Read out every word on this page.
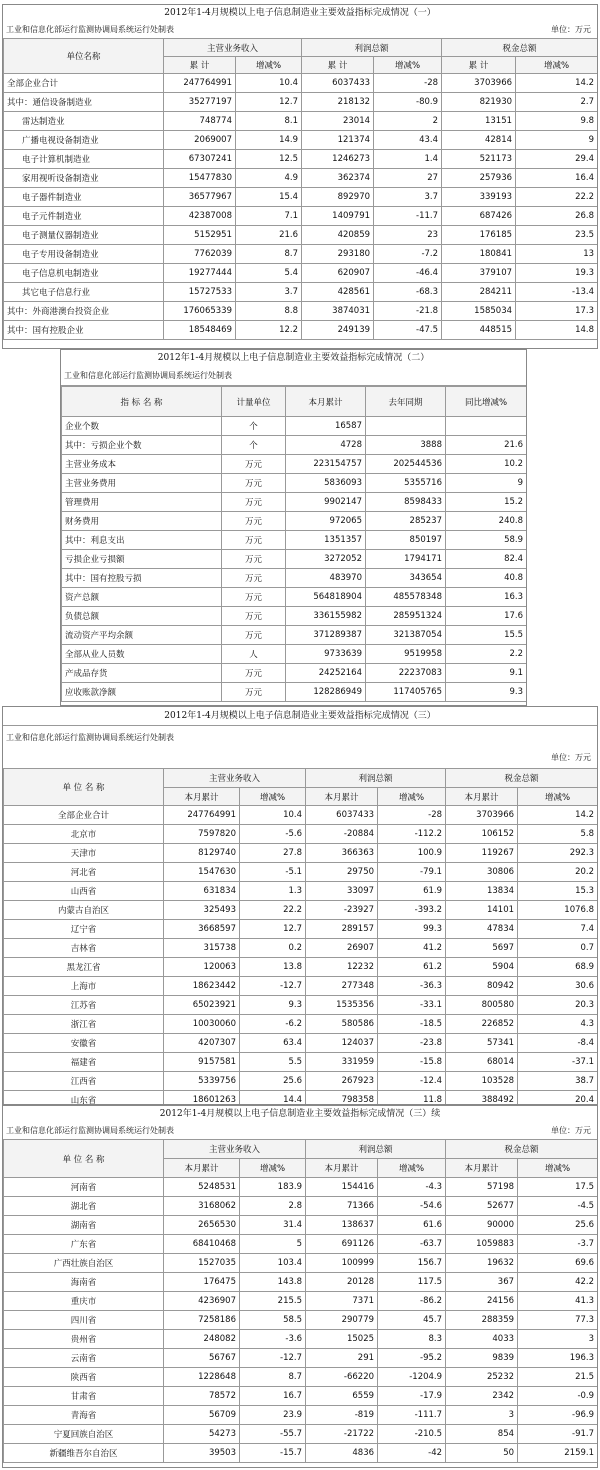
2012年1-4月规模以上电子信息制造业主要效益指标完成情况（一）
工业和信息化部运行监测协调局系统运行处制表	单位：万元
单位名称	主营业务收入		利润总额		税金总额	
	累 计	增减%	累 计	增减%	累 计	增减%
全部企业合计	247764991	10.4	6037433	-28	3703966	14.2
其中：通信设备制造业	35277197	12.7	218132	-80.9	821930	2.7
雷达制造业	748774	8.1	23014	2	13151	9.8
广播电视设备制造业	2069007	14.9	121374	43.4	42814	9
电子计算机制造业	67307241	12.5	1246273	1.4	521173	29.4
家用视听设备制造业	15477830	4.9	362374	27	257936	16.4
电子器件制造业	36577967	15.4	892970	3.7	339193	22.2
电子元件制造业	42387008	7.1	1409791	-11.7	687426	26.8
电子测量仪器制造业	5152951	21.6	420859	23	176185	23.5
电子专用设备制造业	7762039	8.7	293180	-7.2	180841	13
电子信息机电制造业	19277444	5.4	620907	-46.4	379107	19.3
其它电子信息行业	15727533	3.7	428561	-68.3	284211	-13.4
其中：外商港澳台投资企业	176065339	8.8	3874031	-21.8	1585034	17.3
其中：国有控股企业	18548469	12.2	249139	-47.5	448515	14.8
2012年1-4月规模以上电子信息制造业主要效益指标完成情况（二）
工业和信息化部运行监测协调局系统运行处制表
指 标 名 称	计量单位	本月累计	去年同期	同比增减%
企业个数	个	16587		
其中：亏损企业个数	个	4728	3888	21.6
主营业务成本	万元	223154757	202544536	10.2
主营业务费用	万元	5836093	5355716	9
管理费用	万元	9902147	8598433	15.2
财务费用	万元	972065	285237	240.8
其中：利息支出	万元	1351357	850197	58.9
亏损企业亏损额	万元	3272052	1794171	82.4
其中：国有控股亏损	万元	483970	343654	40.8
资产总额	万元	564818904	485578348	16.3
负债总额	万元	336155982	285951324	17.6
流动资产平均余额	万元	371289387	321387054	15.5
全部从业人员数	人	9733639	9519958	2.2
产成品存货	万元	24252164	22237083	9.1
应收账款净额	万元	128286949	117405765	9.3
2012年1-4月规模以上电子信息制造业主要效益指标完成情况（三）
工业和信息化部运行监测协调局系统运行处制表
单位：万元
单 位 名 称	主营业务收入		利润总额		税金总额	
	本月累计	增减%	本月累计	增减%	本月累计	增减%
全部企业合计	247764991	10.4	6037433	-28	3703966	14.2
北京市	7597820	-5.6	-20884	-112.2	106152	5.8
天津市	8129740	27.8	366363	100.9	119267	292.3
河北省	1547630	-5.1	29750	-79.1	30806	20.2
山西省	631834	1.3	33097	61.9	13834	15.3
内蒙古自治区	325493	22.2	-23927	-393.2	14101	1076.8
辽宁省	3668597	12.7	289157	99.3	47834	7.4
吉林省	315738	0.2	26907	41.2	5697	0.7
黑龙江省	120063	13.8	12232	61.2	5904	68.9
上海市	18623442	-12.7	277348	-36.3	80942	30.6
江苏省	65023921	9.3	1535356	-33.1	800580	20.3
浙江省	10030060	-6.2	580586	-18.5	226852	4.3
安徽省	4207307	63.4	124037	-23.8	57341	-8.4
福建省	9157581	5.5	331959	-15.8	68014	-37.1
江西省	5339756	25.6	267923	-12.4	103528	38.7
山东省	18601263	14.4	798358	11.8	388492	20.4
2012年1-4月规模以上电子信息制造业主要效益指标完成情况（三）续
工业和信息化部运行监测协调局系统运行处制表	单位：万元
单 位 名 称	主营业务收入		利润总额		税金总额	
	本月累计	增减%	本月累计	增减%	本月累计	增减%
河南省	5248531	183.9	154416	-4.3	57198	17.5
湖北省	3168062	2.8	71366	-54.6	52677	-4.5
湖南省	2656530	31.4	138637	61.6	90000	25.6
广东省	68410468	5	691126	-63.7	1059883	-3.7
广西壮族自治区	1527035	103.4	100999	156.7	19632	69.6
海南省	176475	143.8	20128	117.5	367	42.2
重庆市	4236907	215.5	7371	-86.2	24156	41.3
四川省	7258186	58.5	290779	45.7	288359	77.3
贵州省	248082	-3.6	15025	8.3	4033	3
云南省	56767	-12.7	291	-95.2	9839	196.3
陕西省	1228648	8.7	-66220	-1204.9	25232	21.5
甘肃省	78572	16.7	6559	-17.9	2342	-0.9
青海省	56709	23.9	-819	-111.7	3	-96.9
宁夏回族自治区	54273	-55.7	-21722	-210.5	854	-91.7
新疆维吾尔自治区	39503	-15.7	4836	-42	50	2159.1
